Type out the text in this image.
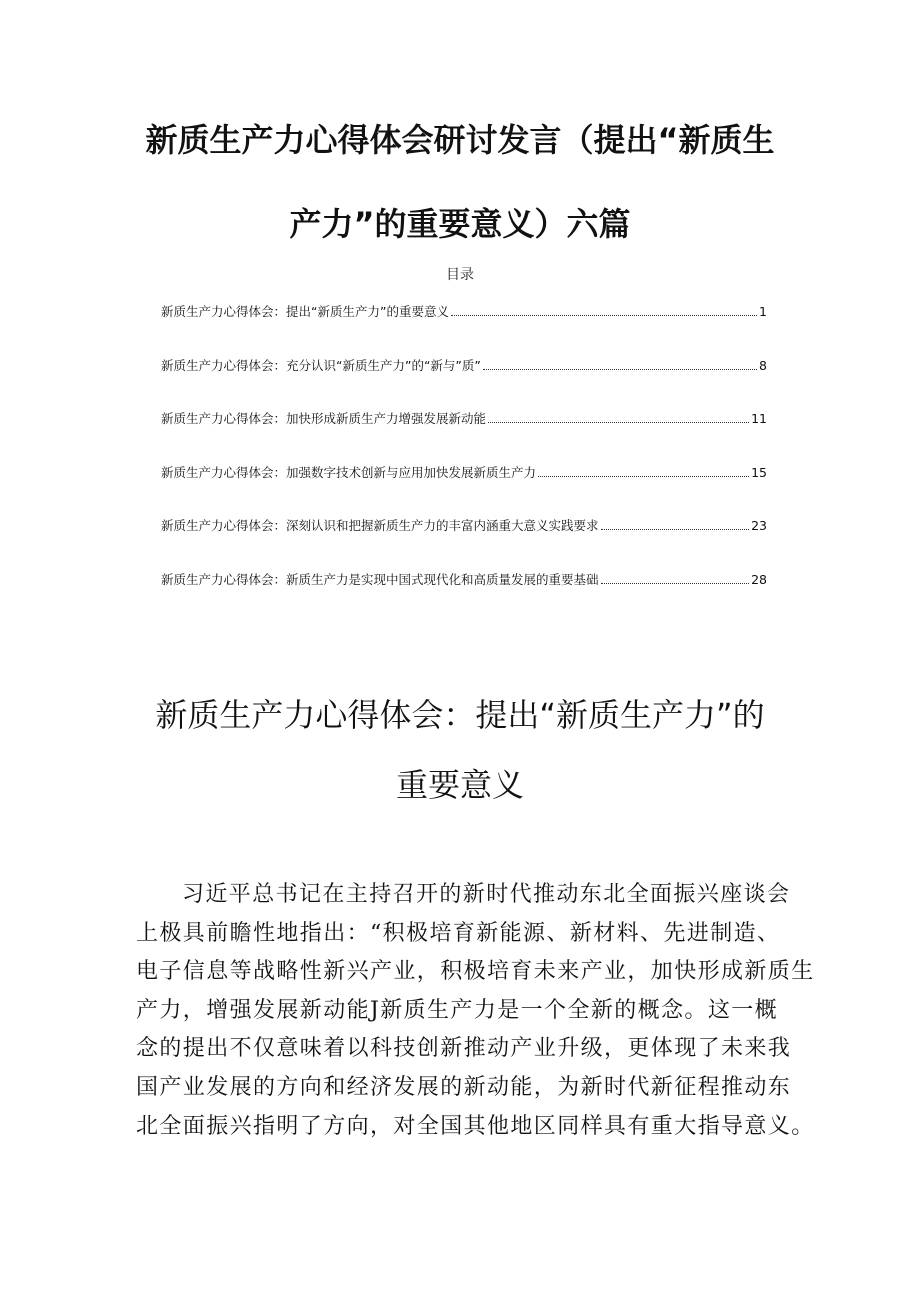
新质生产力心得体会研讨发言（提出“新质生
产力”的重要意义）六篇
目录
新质生产力心得体会：提出“新质生产力”的重要意义	1
新质生产力心得体会：充分认识“新质生产力”的“新与”质”	8
新质生产力心得体会：加快形成新质生产力增强发展新动能	11
新质生产力心得体会：加强数字技术创新与应用加快发展新质生产力	15
新质生产力心得体会：深刻认识和把握新质生产力的丰富内涵重大意义实践要求	23
新质生产力心得体会：新质生产力是实现中国式现代化和高质量发展的重要基础	28
新质生产力心得体会：提出“新质生产力”的
重要意义
习近平总书记在主持召开的新时代推动东北全面振兴座谈会
上极具前瞻性地指出：“积极培育新能源、新材料、先进制造、
电子信息等战略性新兴产业，积极培育未来产业，加快形成新质生
产力，增强发展新动能J新质生产力是一个全新的概念。这一概
念的提出不仅意味着以科技创新推动产业升级，更体现了未来我
国产业发展的方向和经济发展的新动能，为新时代新征程推动东
北全面振兴指明了方向，对全国其他地区同样具有重大指导意义。
